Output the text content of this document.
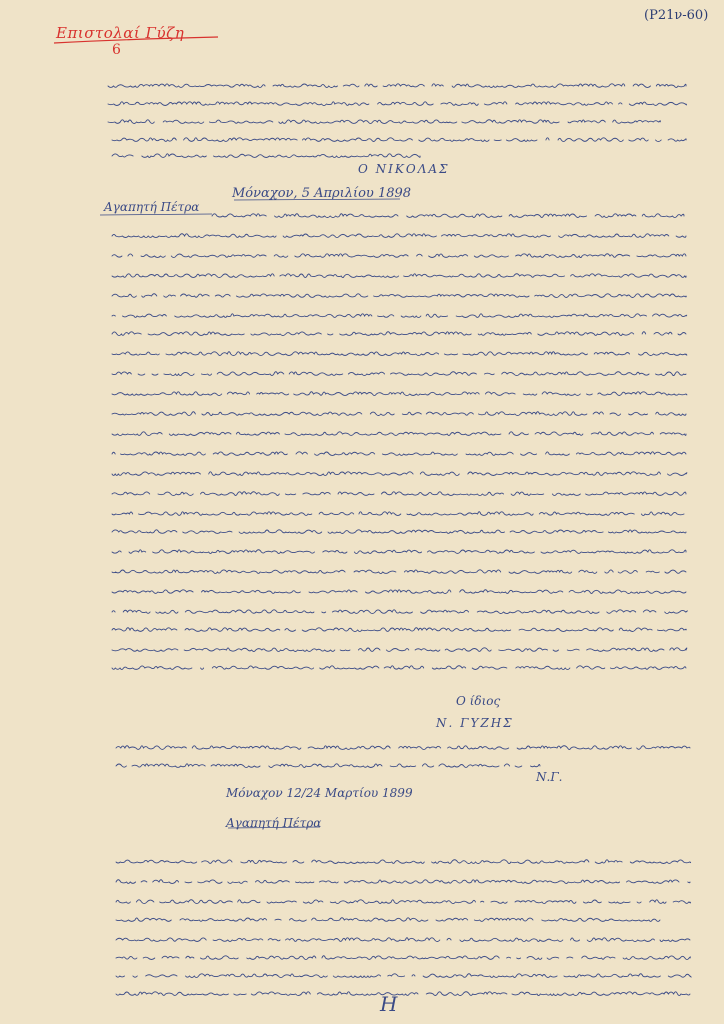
Επιστολαί Γύζη

6

(Ρ21ν-60)

Ο ΝΙΚΟΛΑΣ

Μόναχον, 5 Απριλίου 1898

Αγαπητή Πέτρα

Ο ίδιος

Ν. ΓΥΖΗΣ

Ν.Γ.

Μόναχον 12/24 Μαρτίου 1899

Αγαπητή Πέτρα

H
